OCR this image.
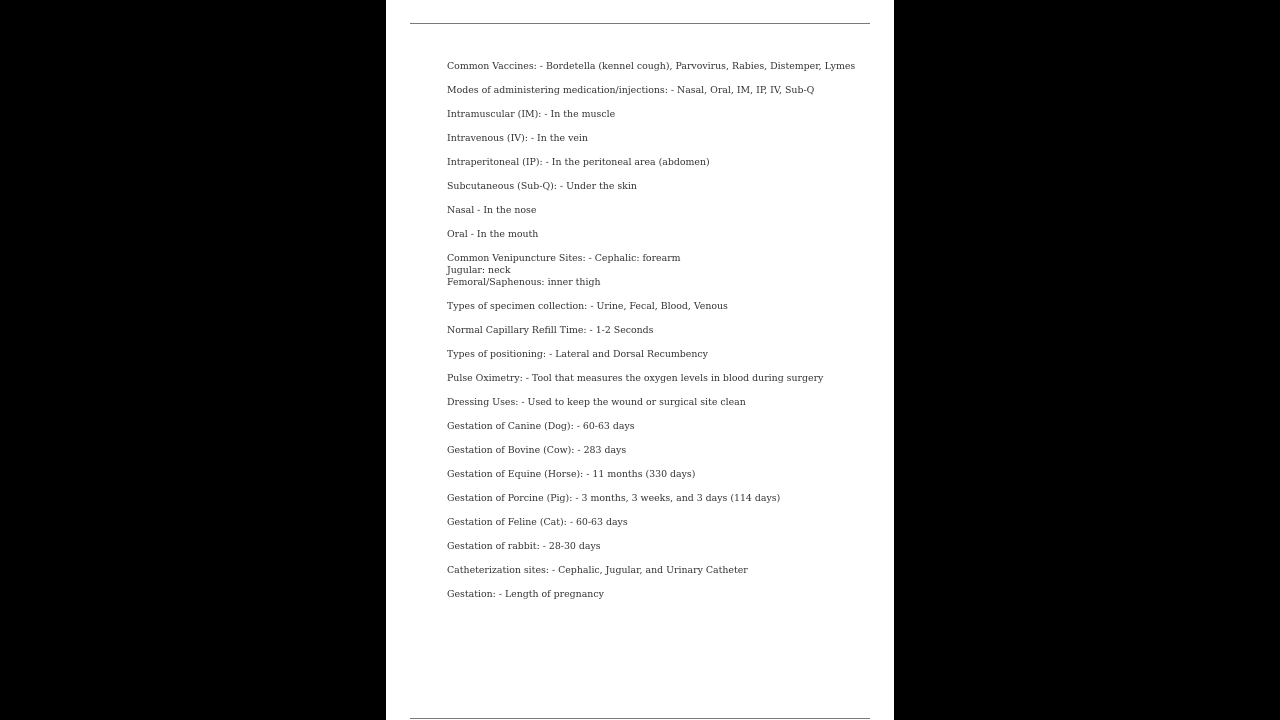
Common Vaccines: - Bordetella (kennel cough), Parvovirus, Rabies, Distemper, Lymes
Modes of administering medication/injections: - Nasal, Oral, IM, IP, IV, Sub-Q
Intramuscular (IM): - In the muscle
Intravenous (IV): - In the vein
Intraperitoneal (IP): - In the peritoneal area (abdomen)
Subcutaneous (Sub-Q): - Under the skin
Nasal - In the nose
Oral - In the mouth
Common Venipuncture Sites: - Cephalic: forearm
Jugular: neck
Femoral/Saphenous: inner thigh
Types of specimen collection: - Urine, Fecal, Blood, Venous
Normal Capillary Refill Time: - 1-2 Seconds
Types of positioning: - Lateral and Dorsal Recumbency
Pulse Oximetry: - Tool that measures the oxygen levels in blood during surgery
Dressing Uses: - Used to keep the wound or surgical site clean
Gestation of Canine (Dog): - 60-63 days
Gestation of Bovine (Cow): - 283 days
Gestation of Equine (Horse): - 11 months (330 days)
Gestation of Porcine (Pig): - 3 months, 3 weeks, and 3 days (114 days)
Gestation of Feline (Cat): - 60-63 days
Gestation of rabbit: - 28-30 days
Catheterization sites: - Cephalic, Jugular, and Urinary Catheter
Gestation: - Length of pregnancy
